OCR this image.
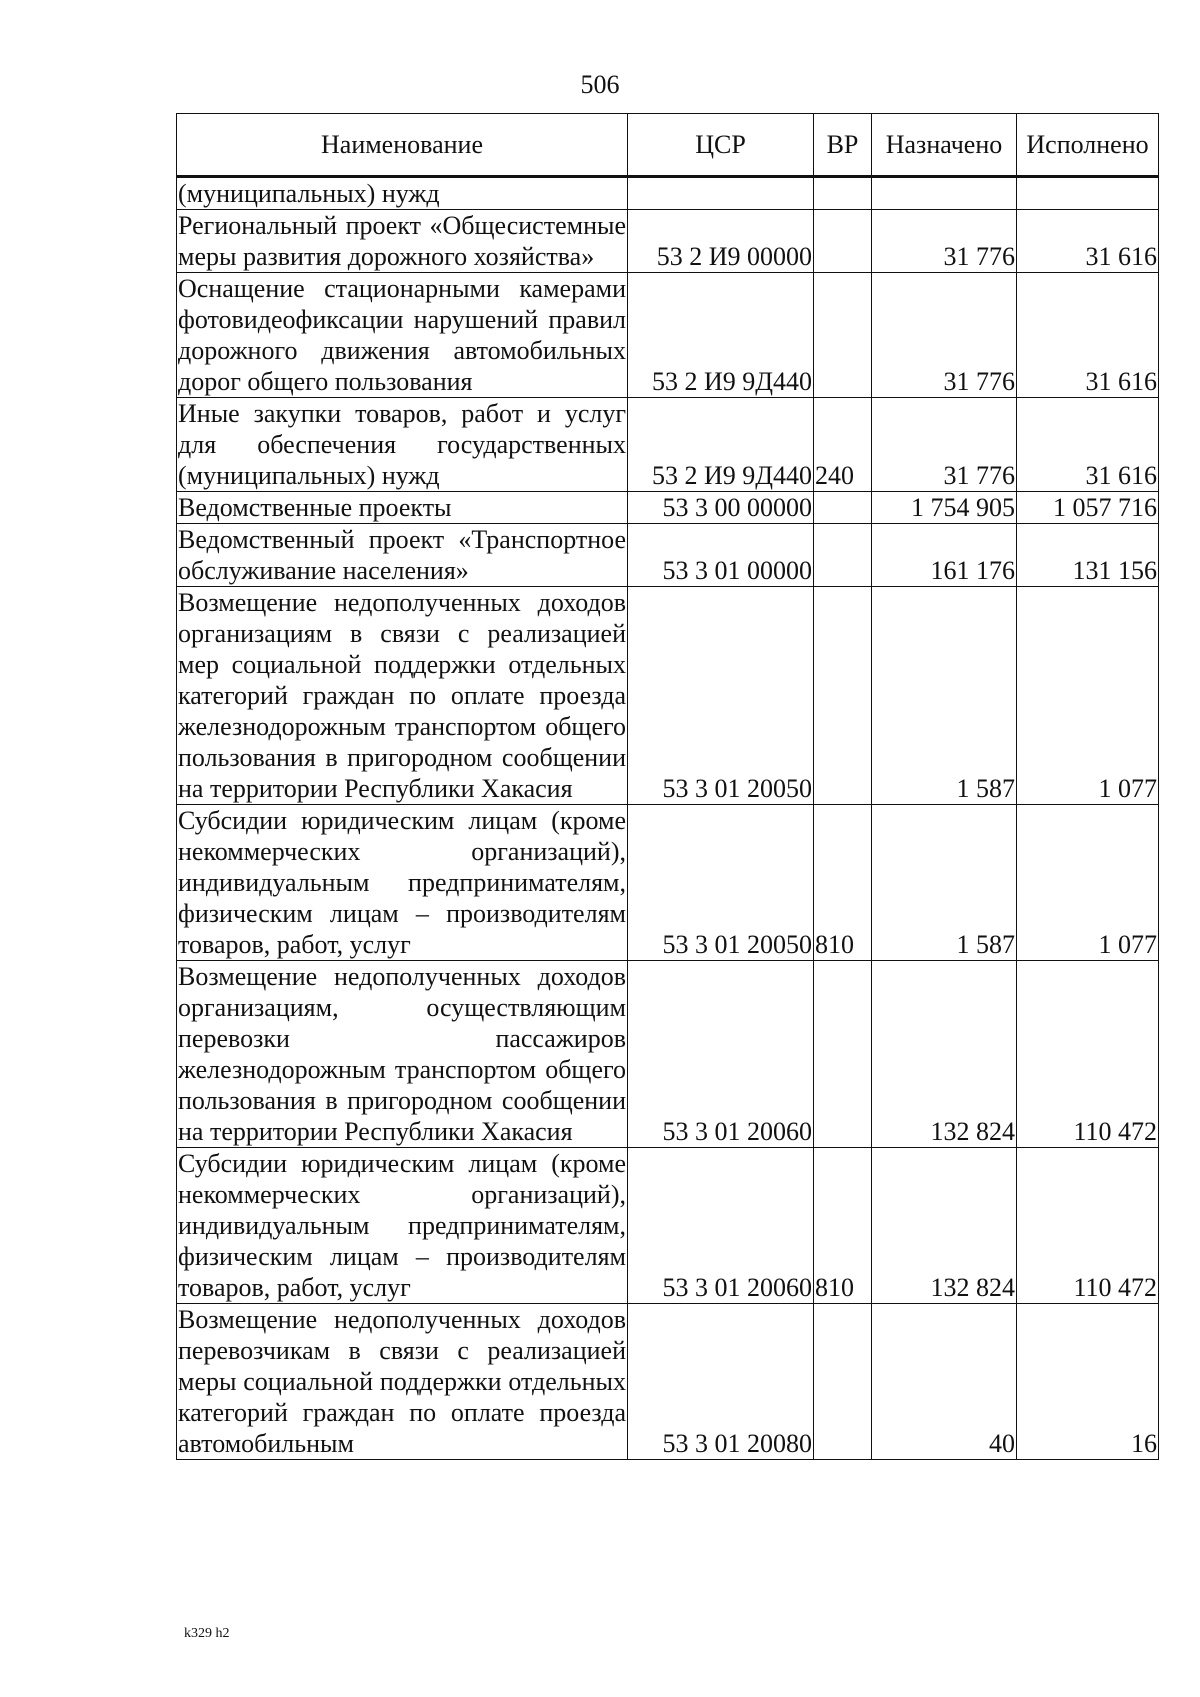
506
Наименование	ЦСР	ВР	Назначено	Исполнено
(муниципальных) нужд				
Региональный проект «Общесистемные меры развития дорожного хозяйства»	53 2 И9 00000		31 776	31 616
Оснащение стационарными камерами фотовидеофиксации нарушений правил дорожного движения автомобильных дорог общего пользования	53 2 И9 9Д440		31 776	31 616
Иные закупки товаров, работ и услуг для обеспечения государственных (муниципальных) нужд	53 2 И9 9Д440	240	31 776	31 616
Ведомственные проекты	53 3 00 00000		1 754 905	1 057 716
Ведомственный проект «Транспортное обслуживание населения»	53 3 01 00000		161 176	131 156
Возмещение недополученных доходов организациям в связи с реализацией мер социальной поддержки отдельных категорий граждан по оплате проезда железнодорожным транспортом общего пользования в пригородном сообщении на территории Республики Хакасия	53 3 01 20050		1 587	1 077
Субсидии юридическим лицам (кроме некоммерческих организаций), индивидуальным предпринимателям, физическим лицам – производителям товаров, работ, услуг	53 3 01 20050	810	1 587	1 077
Возмещение недополученных доходов организациям, осуществляющим перевозки пассажиров железнодорожным транспортом общего пользования в пригородном сообщении на территории Республики Хакасия	53 3 01 20060		132 824	110 472
Субсидии юридическим лицам (кроме некоммерческих организаций), индивидуальным предпринимателям, физическим лицам – производителям товаров, работ, услуг	53 3 01 20060	810	132 824	110 472
Возмещение недополученных доходов перевозчикам в связи с реализацией меры социальной поддержки отдельных категорий граждан по оплате проезда автомобильным	53 3 01 20080		40	16
k329 h2
